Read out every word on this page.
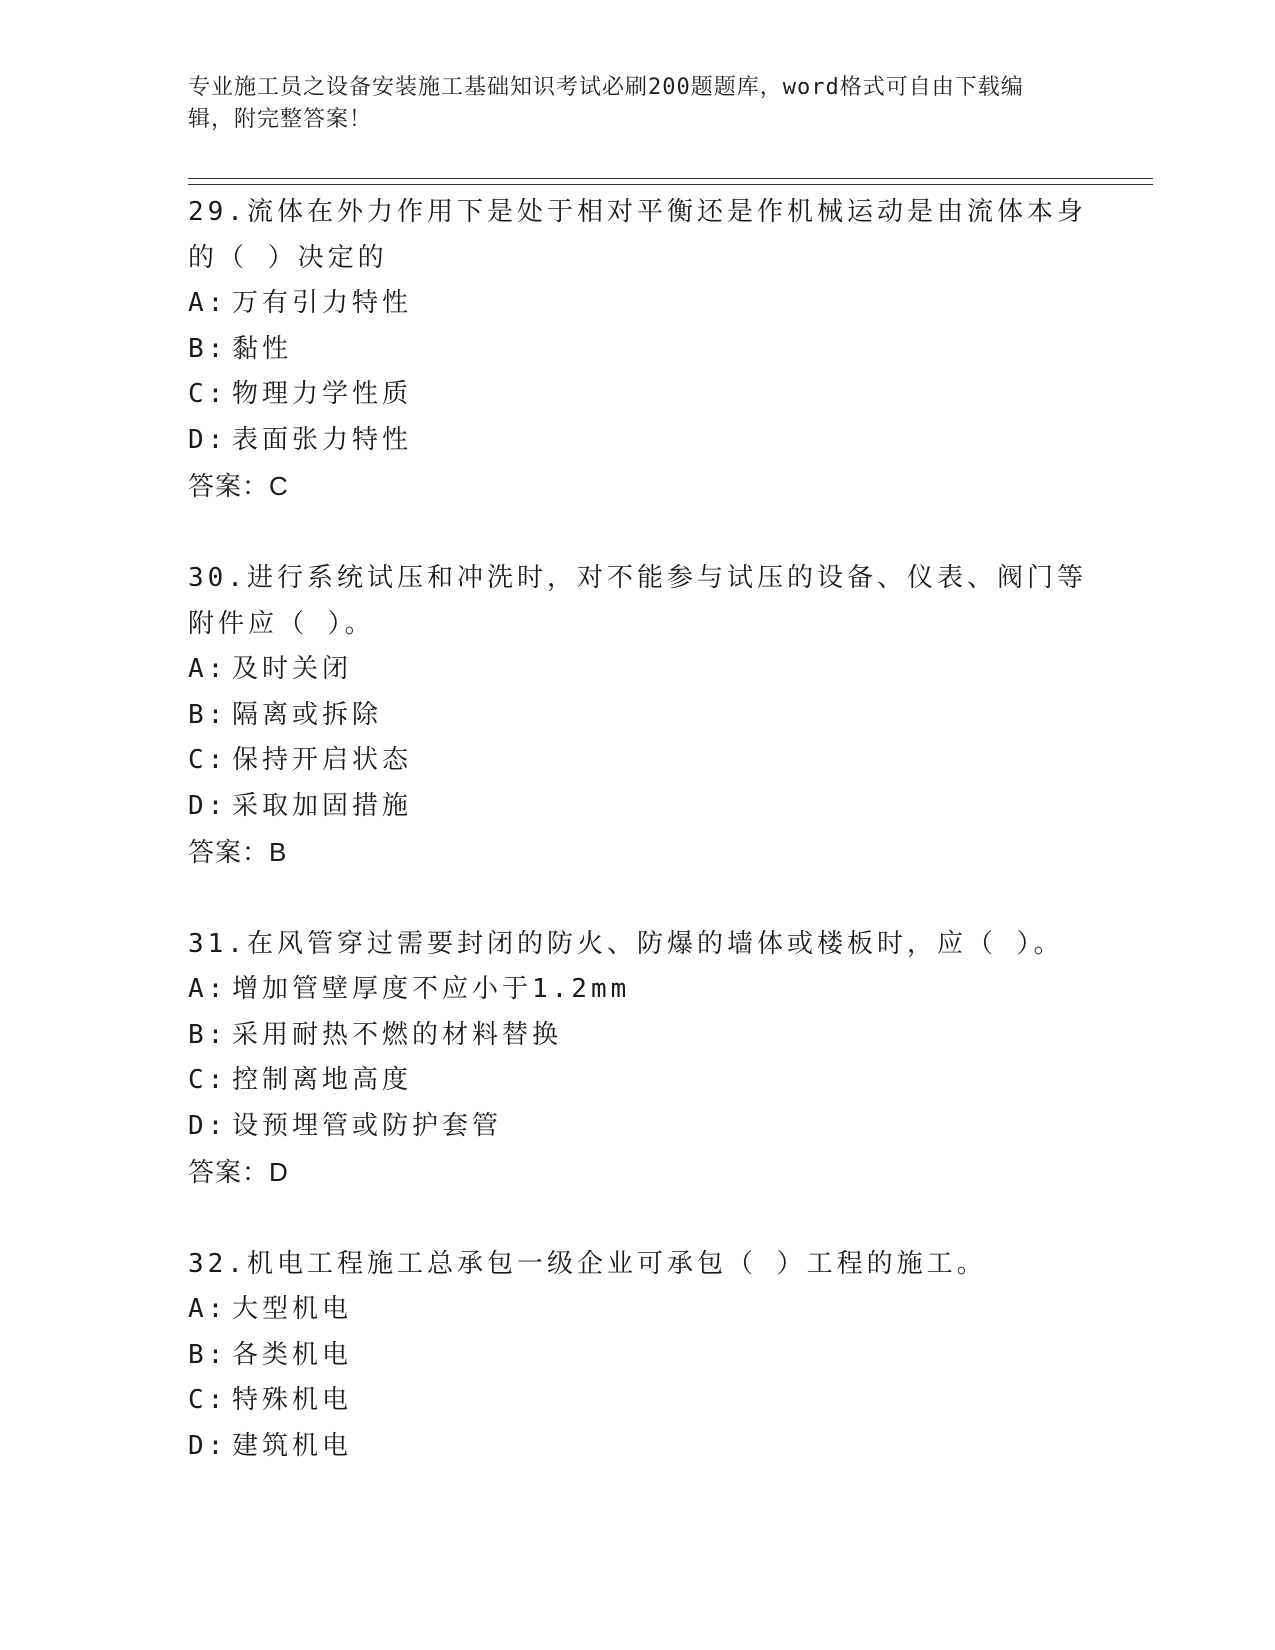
专业施工员之设备安装施工基础知识考试必刷200题题库，word格式可自由下载编辑，附完整答案！

29.流体在外力作用下是处于相对平衡还是作机械运动是由流体本身的（ ）决定的

A: 万有引力特性

B: 黏性

C: 物理力学性质

D: 表面张力特性

答案：C

30.进行系统试压和冲洗时，对不能参与试压的设备、仪表、阀门等附件应（ ）。

A: 及时关闭

B: 隔离或拆除

C: 保持开启状态

D: 采取加固措施

答案：B

31.在风管穿过需要封闭的防火、防爆的墙体或楼板时，应（ ）。

A: 增加管壁厚度不应小于1.2mm

B: 采用耐热不燃的材料替换

C: 控制离地高度

D: 设预埋管或防护套管

答案：D

32.机电工程施工总承包一级企业可承包（ ）工程的施工。

A: 大型机电

B: 各类机电

C: 特殊机电

D: 建筑机电
